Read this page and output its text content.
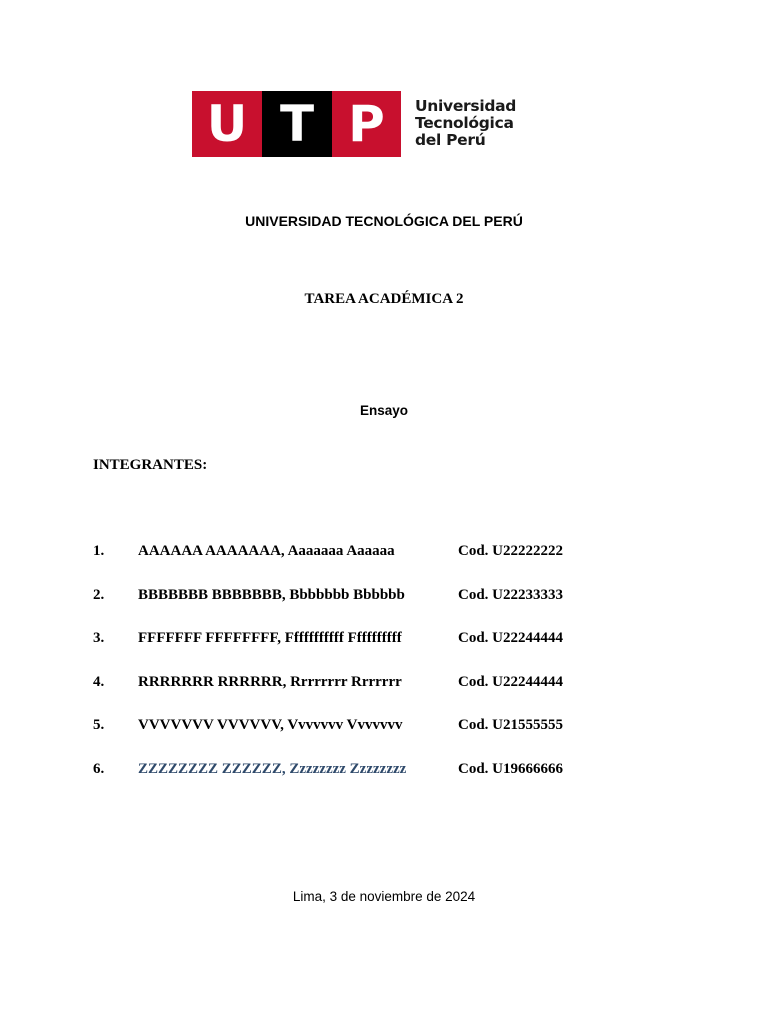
U T P	Universidad
Tecnológica
del Perú
UNIVERSIDAD TECNOLÓGICA DEL PERÚ
TAREA ACADÉMICA 2
Ensayo
INTEGRANTES:
1. AAAAAA AAAAAAA, Aaaaaaa Aaaaaa	Cod. U22222222
2. BBBBBBB BBBBBBB, Bbbbbbb Bbbbbb	Cod. U22233333
3. FFFFFFF FFFFFFFF, Fffffffffff Ffffffffff	Cod. U22244444
4. RRRRRRR RRRRRR, Rrrrrrrr Rrrrrrr	Cod. U22244444
5. VVVVVVV VVVVVV, Vvvvvvv Vvvvvvv	Cod. U21555555
6. ZZZZZZZZ ZZZZZZ, Zzzzzzzz Zzzzzzzz	Cod. U19666666
Lima, 3 de noviembre de 2024
